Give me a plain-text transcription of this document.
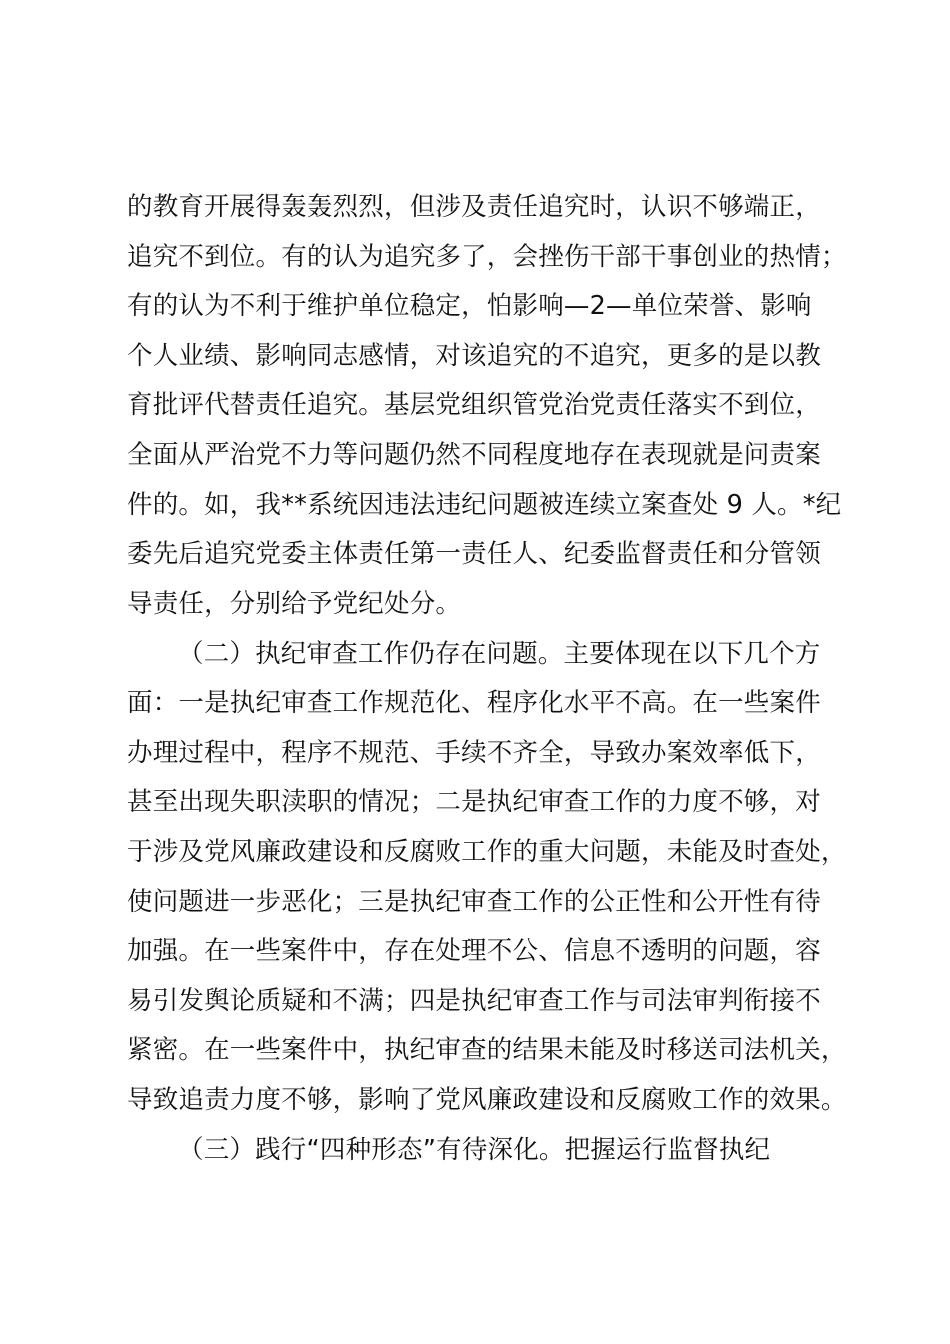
的教育开展得轰轰烈烈，但涉及责任追究时，认识不够端正，
追究不到位。有的认为追究多了，会挫伤干部干事创业的热情；
有的认为不利于维护单位稳定，怕影响—2—单位荣誉、影响
个人业绩、影响同志感情，对该追究的不追究，更多的是以教
育批评代替责任追究。基层党组织管党治党责任落实不到位，
全面从严治党不力等问题仍然不同程度地存在表现就是问责案
件的。如，我**系统因违法违纪问题被连续立案查处 9 人。*纪
委先后追究党委主体责任第一责任人、纪委监督责任和分管领
导责任，分别给予党纪处分。
（二）执纪审查工作仍存在问题。主要体现在以下几个方
面：一是执纪审查工作规范化、程序化水平不高。在一些案件
办理过程中，程序不规范、手续不齐全，导致办案效率低下，
甚至出现失职渎职的情况；二是执纪审查工作的力度不够，对
于涉及党风廉政建设和反腐败工作的重大问题，未能及时查处，
使问题进一步恶化；三是执纪审查工作的公正性和公开性有待
加强。在一些案件中，存在处理不公、信息不透明的问题，容
易引发舆论质疑和不满；四是执纪审查工作与司法审判衔接不
紧密。在一些案件中，执纪审查的结果未能及时移送司法机关，
导致追责力度不够，影响了党风廉政建设和反腐败工作的效果。
（三）践行“四种形态”有待深化。把握运行监督执纪
